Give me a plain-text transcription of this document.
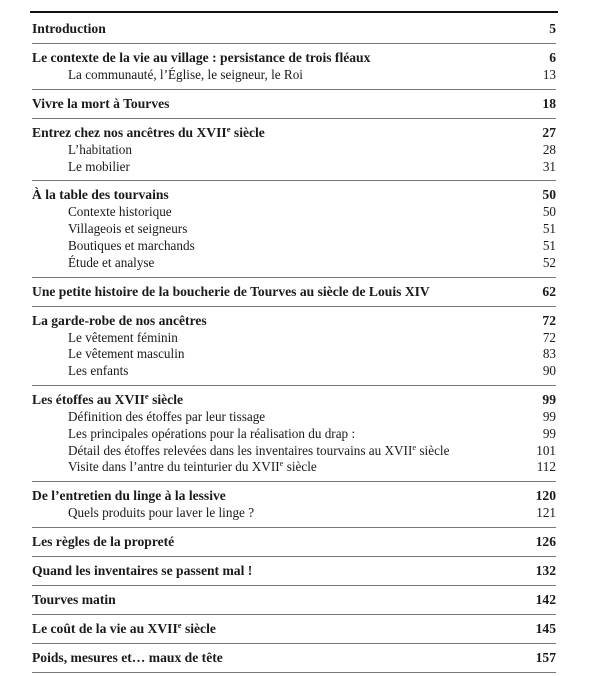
Introduction	5
Le contexte de la vie au village : persistance de trois fléaux	6
La communauté, l’Église, le seigneur, le Roi	13
Vivre la mort à Tourves	18
Entrez chez nos ancêtres du XVIIe siècle	27
L’habitation	28
Le mobilier	31
À la table des tourvains	50
Contexte historique	50
Villageois et seigneurs	51
Boutiques et marchands	51
Étude et analyse	52
Une petite histoire de la boucherie de Tourves au siècle de Louis XIV	62
La garde-robe de nos ancêtres	72
Le vêtement féminin	72
Le vêtement masculin	83
Les enfants	90
Les étoffes au XVIIe siècle	99
Définition des étoffes par leur tissage	99
Les principales opérations pour la réalisation du drap :	99
Détail des étoffes relevées dans les inventaires tourvains au XVIIe siècle	101
Visite dans l’antre du teinturier du XVIIe siècle	112
De l’entretien du linge à la lessive	120
Quels produits pour laver le linge ?	121
Les règles de la propreté	126
Quand les inventaires se passent mal !	132
Tourves matin	142
Le coût de la vie au XVIIe siècle	145
Poids, mesures et… maux de tête	157
